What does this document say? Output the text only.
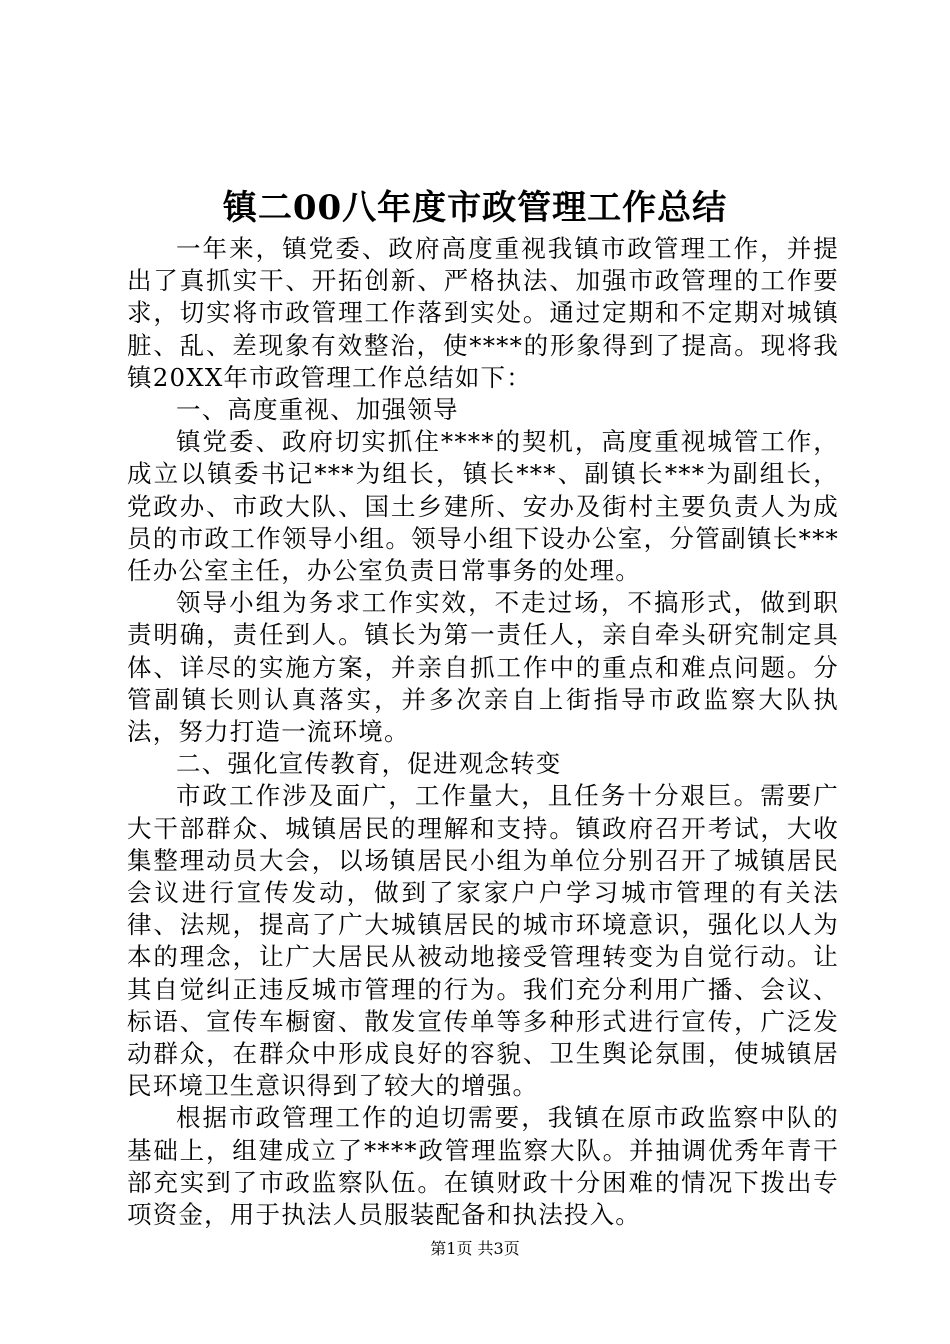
镇二00八年度市政管理工作总结

一年来，镇党委、政府高度重视我镇市政管理工作，并提出了真抓实干、开拓创新、严格执法、加强市政管理的工作要求，切实将市政管理工作落到实处。通过定期和不定期对城镇脏、乱、差现象有效整治，使****的形象得到了提高。现将我镇20XX年市政管理工作总结如下：

一、高度重视、加强领导

镇党委、政府切实抓住****的契机，高度重视城管工作，成立以镇委书记***为组长，镇长***、副镇长***为副组长，党政办、市政大队、国土乡建所、安办及街村主要负责人为成员的市政工作领导小组。领导小组下设办公室，分管副镇长***任办公室主任，办公室负责日常事务的处理。

领导小组为务求工作实效，不走过场，不搞形式，做到职责明确，责任到人。镇长为第一责任人，亲自牵头研究制定具体、详尽的实施方案，并亲自抓工作中的重点和难点问题。分管副镇长则认真落实，并多次亲自上街指导市政监察大队执法，努力打造一流环境。

二、强化宣传教育，促进观念转变

市政工作涉及面广，工作量大，且任务十分艰巨。需要广大干部群众、城镇居民的理解和支持。镇政府召开考试，大收集整理动员大会，以场镇居民小组为单位分别召开了城镇居民会议进行宣传发动，做到了家家户户学习城市管理的有关法律、法规，提高了广大城镇居民的城市环境意识，强化以人为本的理念，让广大居民从被动地接受管理转变为自觉行动。让其自觉纠正违反城市管理的行为。我们充分利用广播、会议、标语、宣传车橱窗、散发宣传单等多种形式进行宣传，广泛发动群众，在群众中形成良好的容貌、卫生舆论氛围，使城镇居民环境卫生意识得到了较大的增强。

根据市政管理工作的迫切需要，我镇在原市政监察中队的基础上，组建成立了****政管理监察大队。并抽调优秀年青干部充实到了市政监察队伍。在镇财政十分困难的情况下拨出专项资金，用于执法人员服装配备和执法投入。

第1页 共3页
